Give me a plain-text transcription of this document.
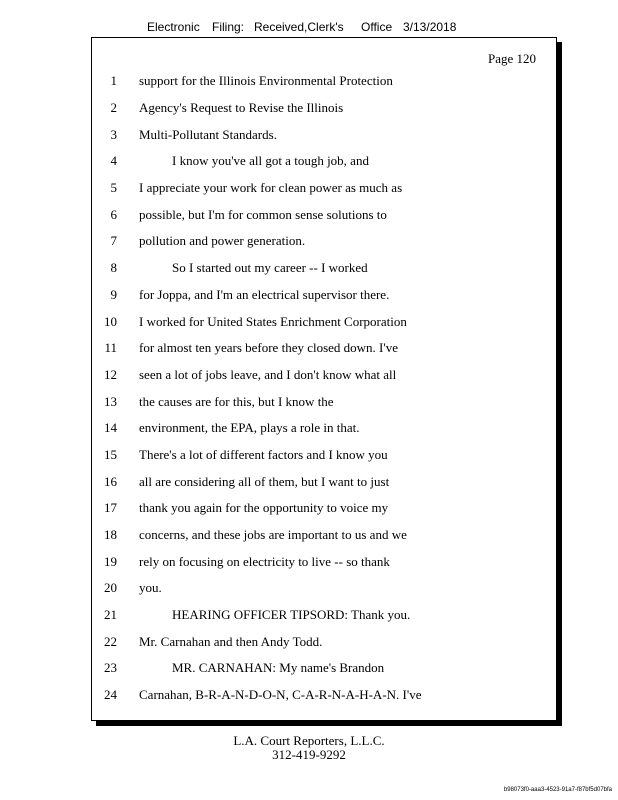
Electronic Filing: Received,Clerk's Office 3/13/2018
Page 120
1 support for the Illinois Environmental Protection
2 Agency's Request to Revise the Illinois
3 Multi-Pollutant Standards.
4	I know you've all got a tough job, and
5 I appreciate your work for clean power as much as
6 possible, but I'm for common sense solutions to
7 pollution and power generation.
8	So I started out my career -- I worked
9 for Joppa, and I'm an electrical supervisor there.
10 I worked for United States Enrichment Corporation
11 for almost ten years before they closed down. I've
12 seen a lot of jobs leave, and I don't know what all
13 the causes are for this, but I know the
14 environment, the EPA, plays a role in that.
15 There's a lot of different factors and I know you
16 all are considering all of them, but I want to just
17 thank you again for the opportunity to voice my
18 concerns, and these jobs are important to us and we
19 rely on focusing on electricity to live -- so thank
20 you.
21	HEARING OFFICER TIPSORD: Thank you.
22 Mr. Carnahan and then Andy Todd.
23	MR. CARNAHAN: My name's Brandon
24 Carnahan, B-R-A-N-D-O-N, C-A-R-N-A-H-A-N. I've
L.A. Court Reporters, L.L.C.
312-419-9292
b98073f0-aaa3-4523-91a7-f87bf5d07bfa
